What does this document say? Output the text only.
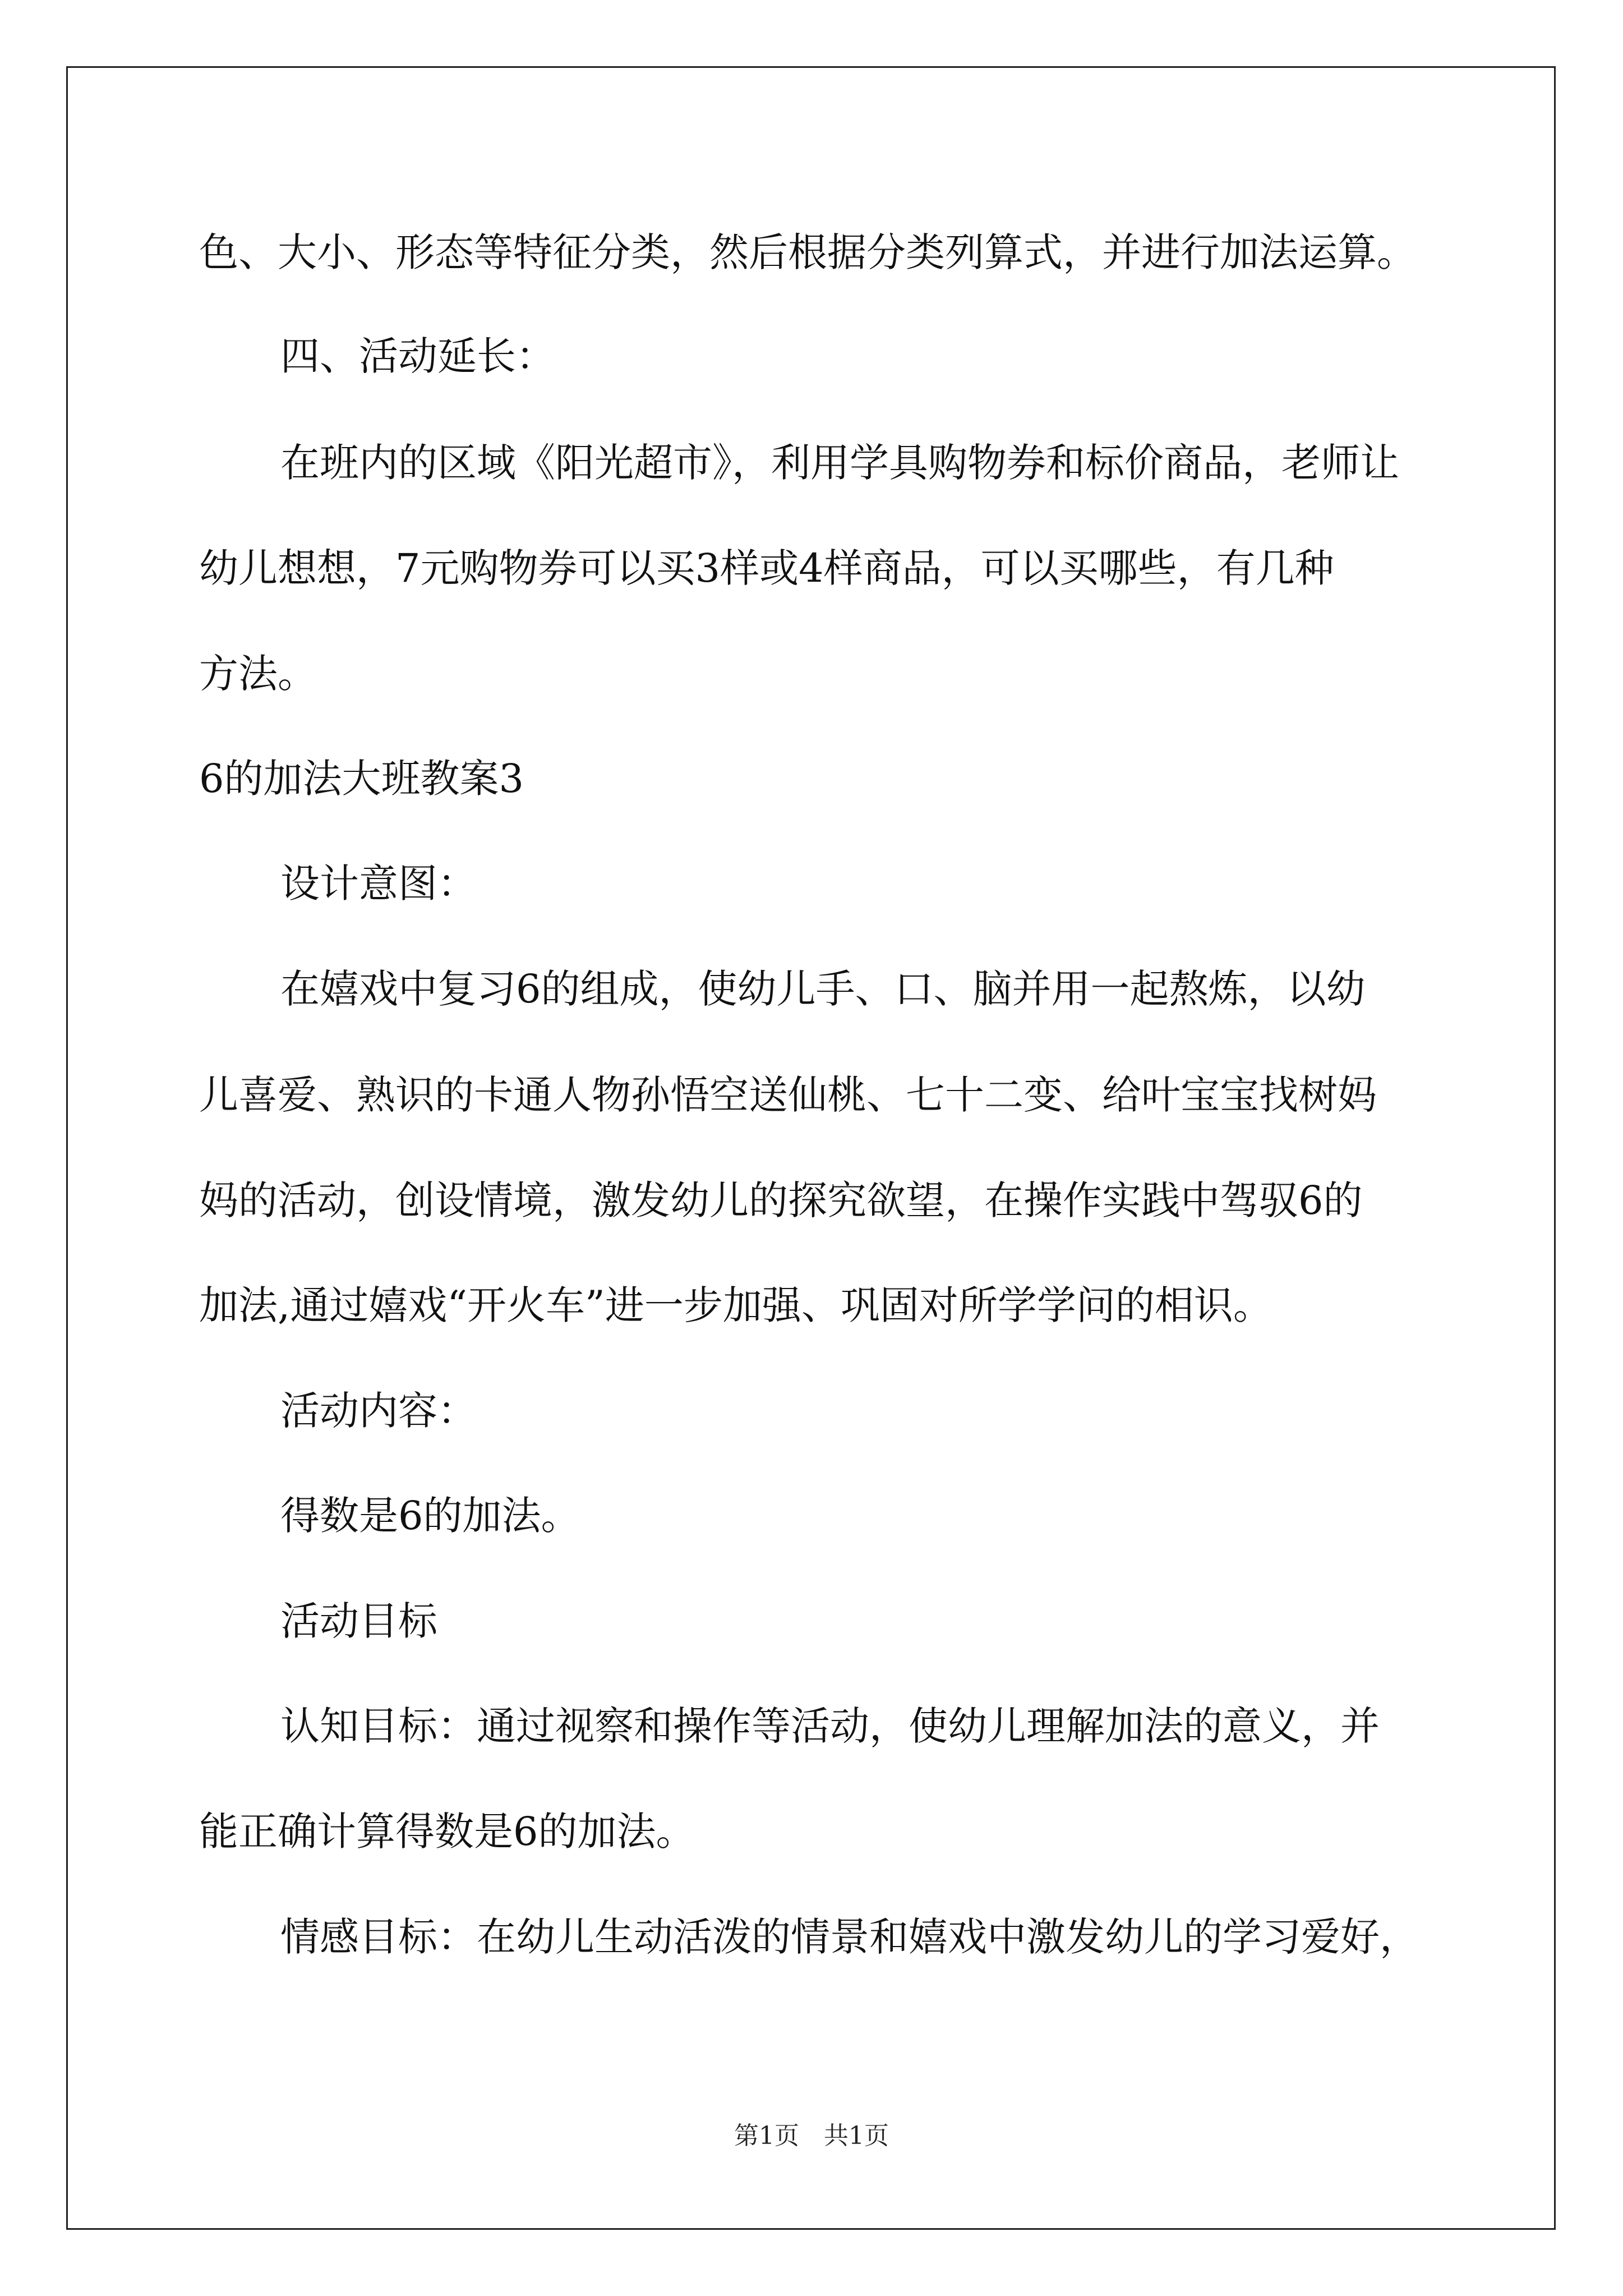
色、大小、形态等特征分类，然后根据分类列算式，并进行加法运算。
四、活动延长：
在班内的区域《阳光超市》，利用学具购物券和标价商品，老师让
幼儿想想，7元购物券可以买3样或4样商品，可以买哪些，有几种
方法。
6的加法大班教案3
设计意图：
在嬉戏中复习6的组成，使幼儿手、口、脑并用一起熬炼，以幼
儿喜爱、熟识的卡通人物孙悟空送仙桃、七十二变、给叶宝宝找树妈
妈的活动，创设情境，激发幼儿的探究欲望，在操作实践中驾驭6的
加法,通过嬉戏“开火车”进一步加强、巩固对所学学问的相识。
活动内容：
得数是6的加法。
活动目标
认知目标：通过视察和操作等活动，使幼儿理解加法的意义，并
能正确计算得数是6的加法。
情感目标：在幼儿生动活泼的情景和嬉戏中激发幼儿的学习爱好，
第1页　共1页
